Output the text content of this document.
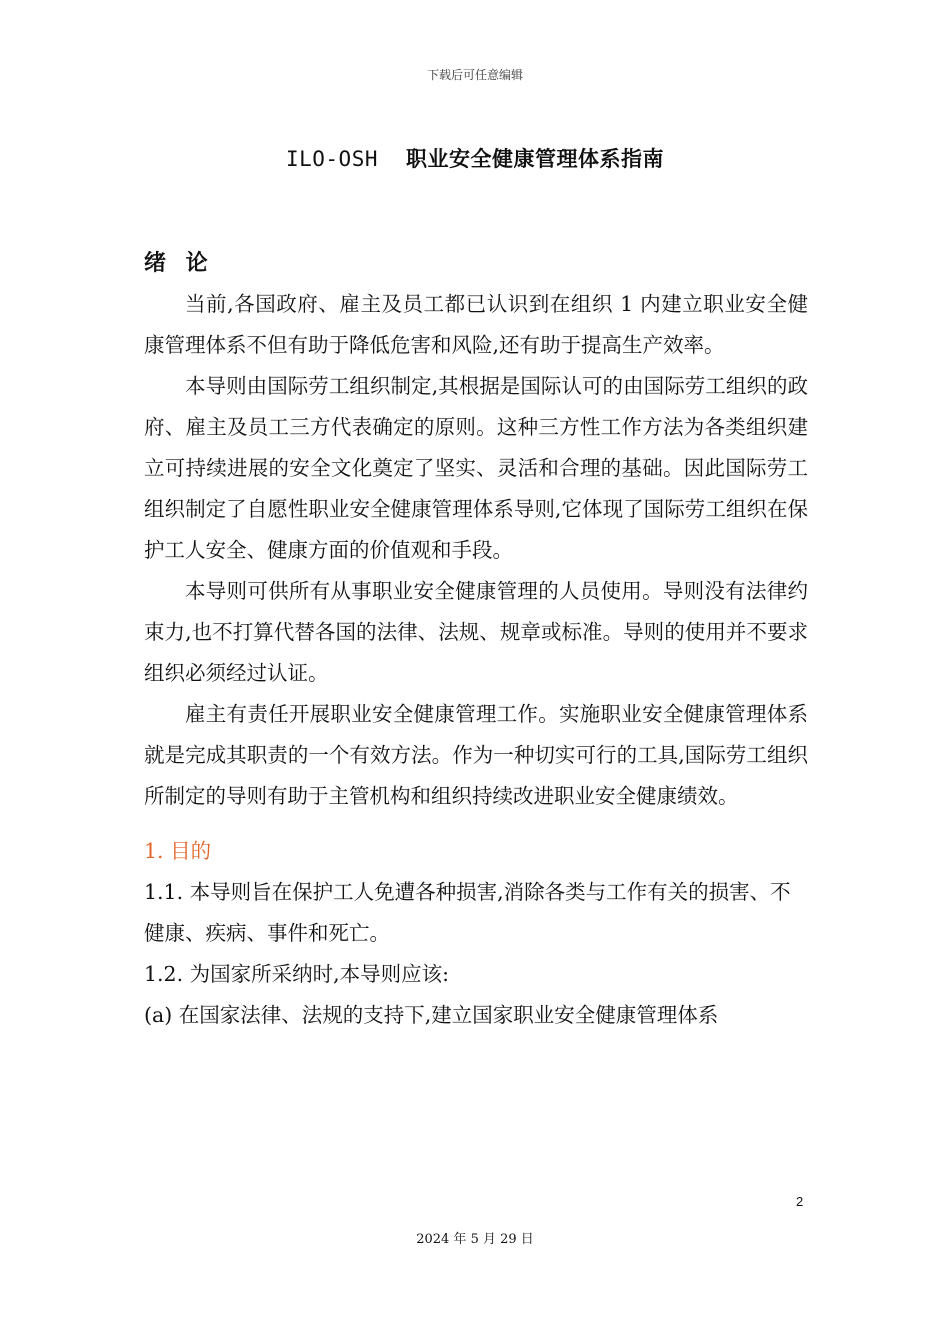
下载后可任意编辑
ILO-OSH 职业安全健康管理体系指南

绪 论

当前,各国政府、雇主及员工都已认识到在组织 1 内建立职业安全健康管理体系不但有助于降低危害和风险,还有助于提高生产效率。

本导则由国际劳工组织制定,其根据是国际认可的由国际劳工组织的政府、雇主及员工三方代表确定的原则。这种三方性工作方法为各类组织建立可持续进展的安全文化奠定了坚实、灵活和合理的基础。因此国际劳工组织制定了自愿性职业安全健康管理体系导则,它体现了国际劳工组织在保护工人安全、健康方面的价值观和手段。

本导则可供所有从事职业安全健康管理的人员使用。导则没有法律约束力,也不打算代替各国的法律、法规、规章或标准。导则的使用并不要求组织必须经过认证。

雇主有责任开展职业安全健康管理工作。实施职业安全健康管理体系就是完成其职责的一个有效方法。作为一种切实可行的工具,国际劳工组织所制定的导则有助于主管机构和组织持续改进职业安全健康绩效。

1. 目的

1.1. 本导则旨在保护工人免遭各种损害,消除各类与工作有关的损害、不健康、疾病、事件和死亡。

1.2. 为国家所采纳时,本导则应该:

(a) 在国家法律、法规的支持下,建立国家职业安全健康管理体系

2
2024 年 5 月 29 日
